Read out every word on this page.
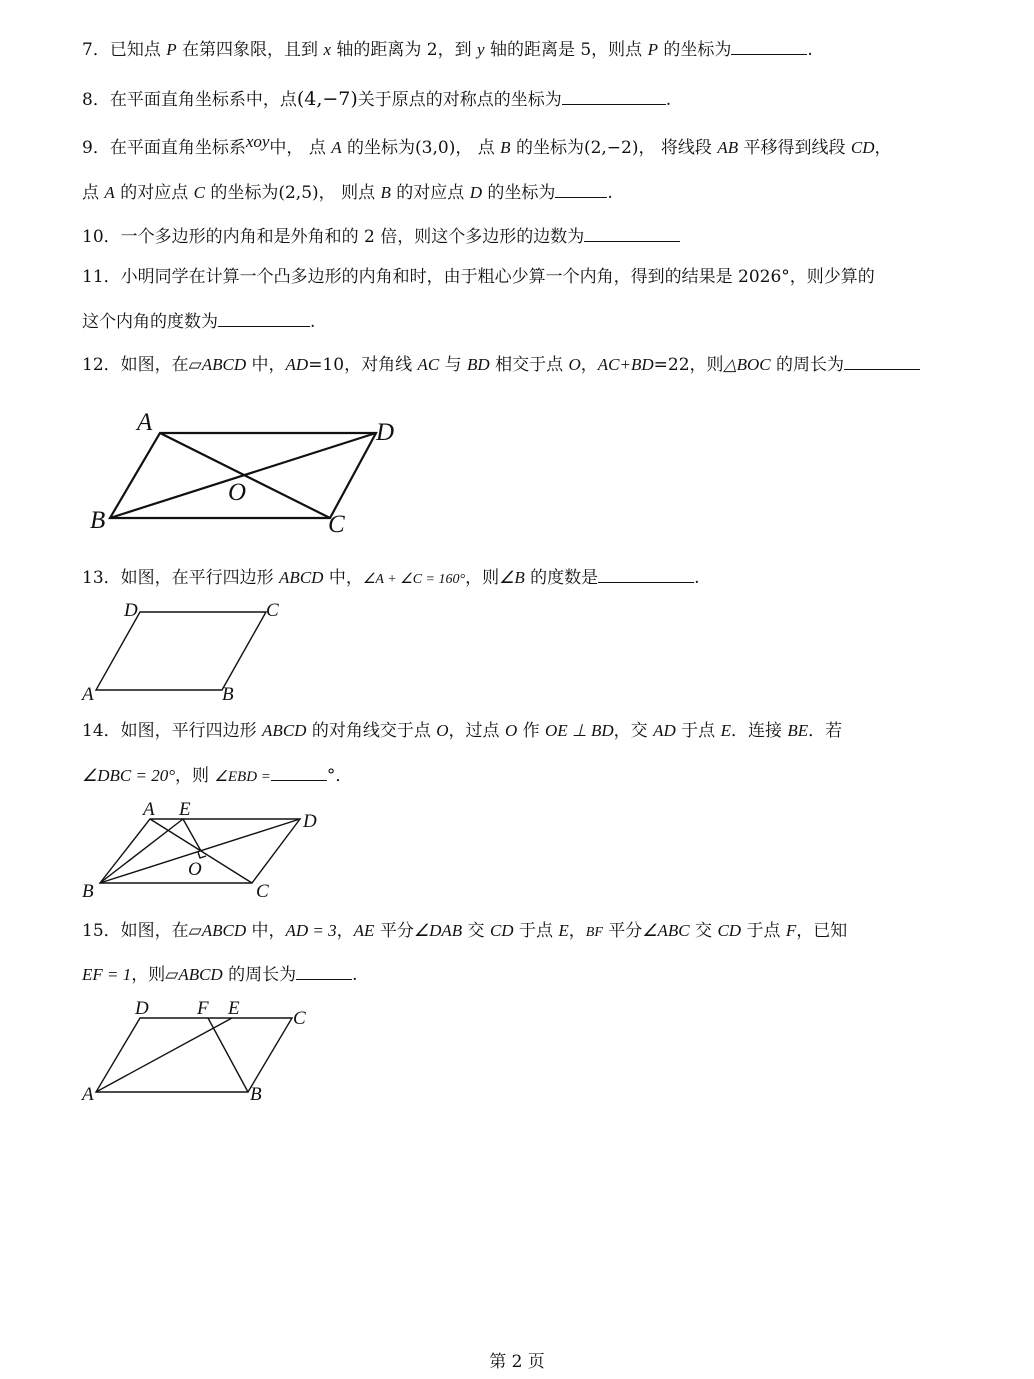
7．已知点 P 在第四象限，且到 x 轴的距离为 2，到 y 轴的距离是 5，则点 P 的坐标为	.
8．在平面直角坐标系中，点(4,−7)关于原点的对称点的坐标为	.
9．在平面直角坐标系xoy中， 点 A 的坐标为(3,0)， 点 B 的坐标为(2,−2)， 将线段 AB 平移得到线段 CD，
点 A 的对应点 C 的坐标为(2,5)， 则点 B 的对应点 D 的坐标为	.
10．一个多边形的内角和是外角和的 2 倍，则这个多边形的边数为
11．小明同学在计算一个凸多边形的内角和时，由于粗心少算一个内角，得到的结果是 2026°，则少算的
这个内角的度数为	.
12．如图，在▱ABCD 中，AD=10，对角线 AC 与 BD 相交于点 O，AC+BD=22，则△BOC 的周长为
A	D
B	C
O
13．如图，在平行四边形 ABCD 中，∠A + ∠C = 160°，则∠B 的度数是	.
D	C
A	B
14．如图，平行四边形 ABCD 的对角线交于点 O，过点 O 作 OE ⊥ BD，交 AD 于点 E．连接 BE．若
∠DBC = 20°，则 ∠EBD =	°．
A E
D
B	C
O
15．如图，在▱ABCD 中，AD = 3，AE 平分∠DAB 交 CD 于点 E，BF 平分∠ABC 交 CD 于点 F，已知
EF = 1，则▱ABCD 的周长为	.
D	F E	C
A	B
第 2 页
